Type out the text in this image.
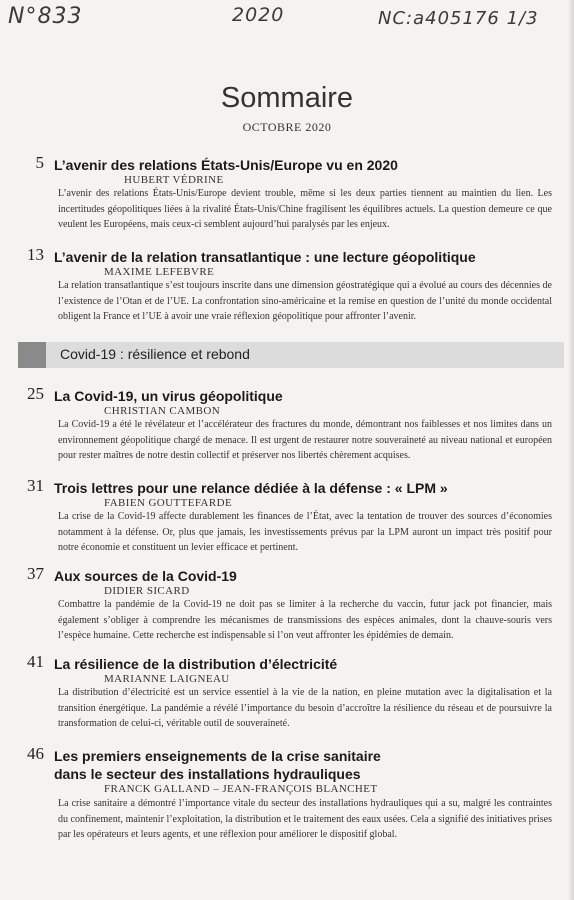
N°833	2020	NC:a405176 1/3
Sommaire
OCTOBRE 2020
5 L’avenir des relations États-Unis/Europe vu en 2020
HUBERT VÉDRINE

L’avenir des relations États-Unis/Europe devient trouble, même si les deux parties tiennent au maintien du lien. Les incertitudes géopolitiques liées à la rivalité États-Unis/Chine fragilisent les équilibres actuels. La question demeure ce que veulent les Européens, mais ceux-ci semblent aujourd’hui paralysés par les enjeux.

13 L’avenir de la relation transatlantique : une lecture géopolitique
MAXIME LEFEBVRE

La relation transatlantique s’est toujours inscrite dans une dimension géostratégique qui a évolué au cours des décennies de l’existence de l’Otan et de l’UE. La confrontation sino-américaine et la remise en question de l’unité du monde occidental obligent la France et l’UE à avoir une vraie réflexion géopolitique pour affronter l’avenir.

Covid-19 : résilience et rebond
25 La Covid-19, un virus géopolitique
CHRISTIAN CAMBON

La Covid-19 a été le révélateur et l’accélérateur des fractures du monde, démontrant nos faiblesses et nos limites dans un environnement géopolitique chargé de menace. Il est urgent de restaurer notre souveraineté au niveau national et européen pour rester maîtres de notre destin collectif et préserver nos libertés chèrement acquises.

31 Trois lettres pour une relance dédiée à la défense : « LPM »
FABIEN GOUTTEFARDE

La crise de la Covid-19 affecte durablement les finances de l’État, avec la tentation de trouver des sources d’économies notamment à la défense. Or, plus que jamais, les investissements prévus par la LPM auront un impact très positif pour notre économie et constituent un levier efficace et pertinent.

37 Aux sources de la Covid-19
DIDIER SICARD

Combattre la pandémie de la Covid-19 ne doit pas se limiter à la recherche du vaccin, futur jack pot financier, mais également s’obliger à comprendre les mécanismes de transmissions des espèces animales, dont la chauve-souris vers l’espèce humaine. Cette recherche est indispensable si l’on veut affronter les épidémies de demain.

41 La résilience de la distribution d’électricité
MARIANNE LAIGNEAU

La distribution d’électricité est un service essentiel à la vie de la nation, en pleine mutation avec la digitalisation et la transition énergétique. La pandémie a révélé l’importance du besoin d’accroître la résilience du réseau et de poursuivre la transformation de celui-ci, véritable outil de souveraineté.

46 Les premiers enseignements de la crise sanitaire dans le secteur des installations hydrauliques
FRANCK GALLAND – JEAN-FRANÇOIS BLANCHET

La crise sanitaire a démontré l’importance vitale du secteur des installations hydrauliques qui a su, malgré les contraintes du confinement, maintenir l’exploitation, la distribution et le traitement des eaux usées. Cela a signifié des initiatives prises par les opérateurs et leurs agents, et une réflexion pour améliorer le dispositif global.
